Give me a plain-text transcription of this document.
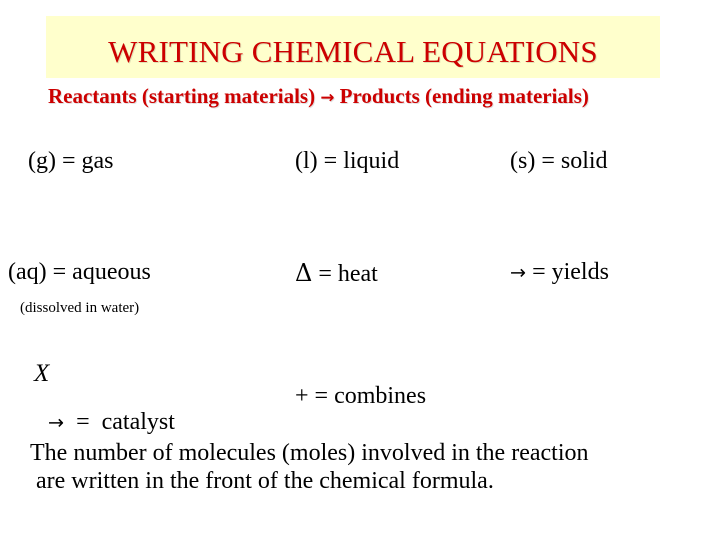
WRITING CHEMICAL EQUATIONS
Reactants (starting materials) → Products (ending materials)
(g) = gas	(l) = liquid	(s) = solid
(aq) = aqueous
(dissolved in water)
Δ = heat	→ = yields
X

→  =  catalyst

+ = combines
The number of molecules (moles) involved in the reaction
are written in the front of the chemical formula.
